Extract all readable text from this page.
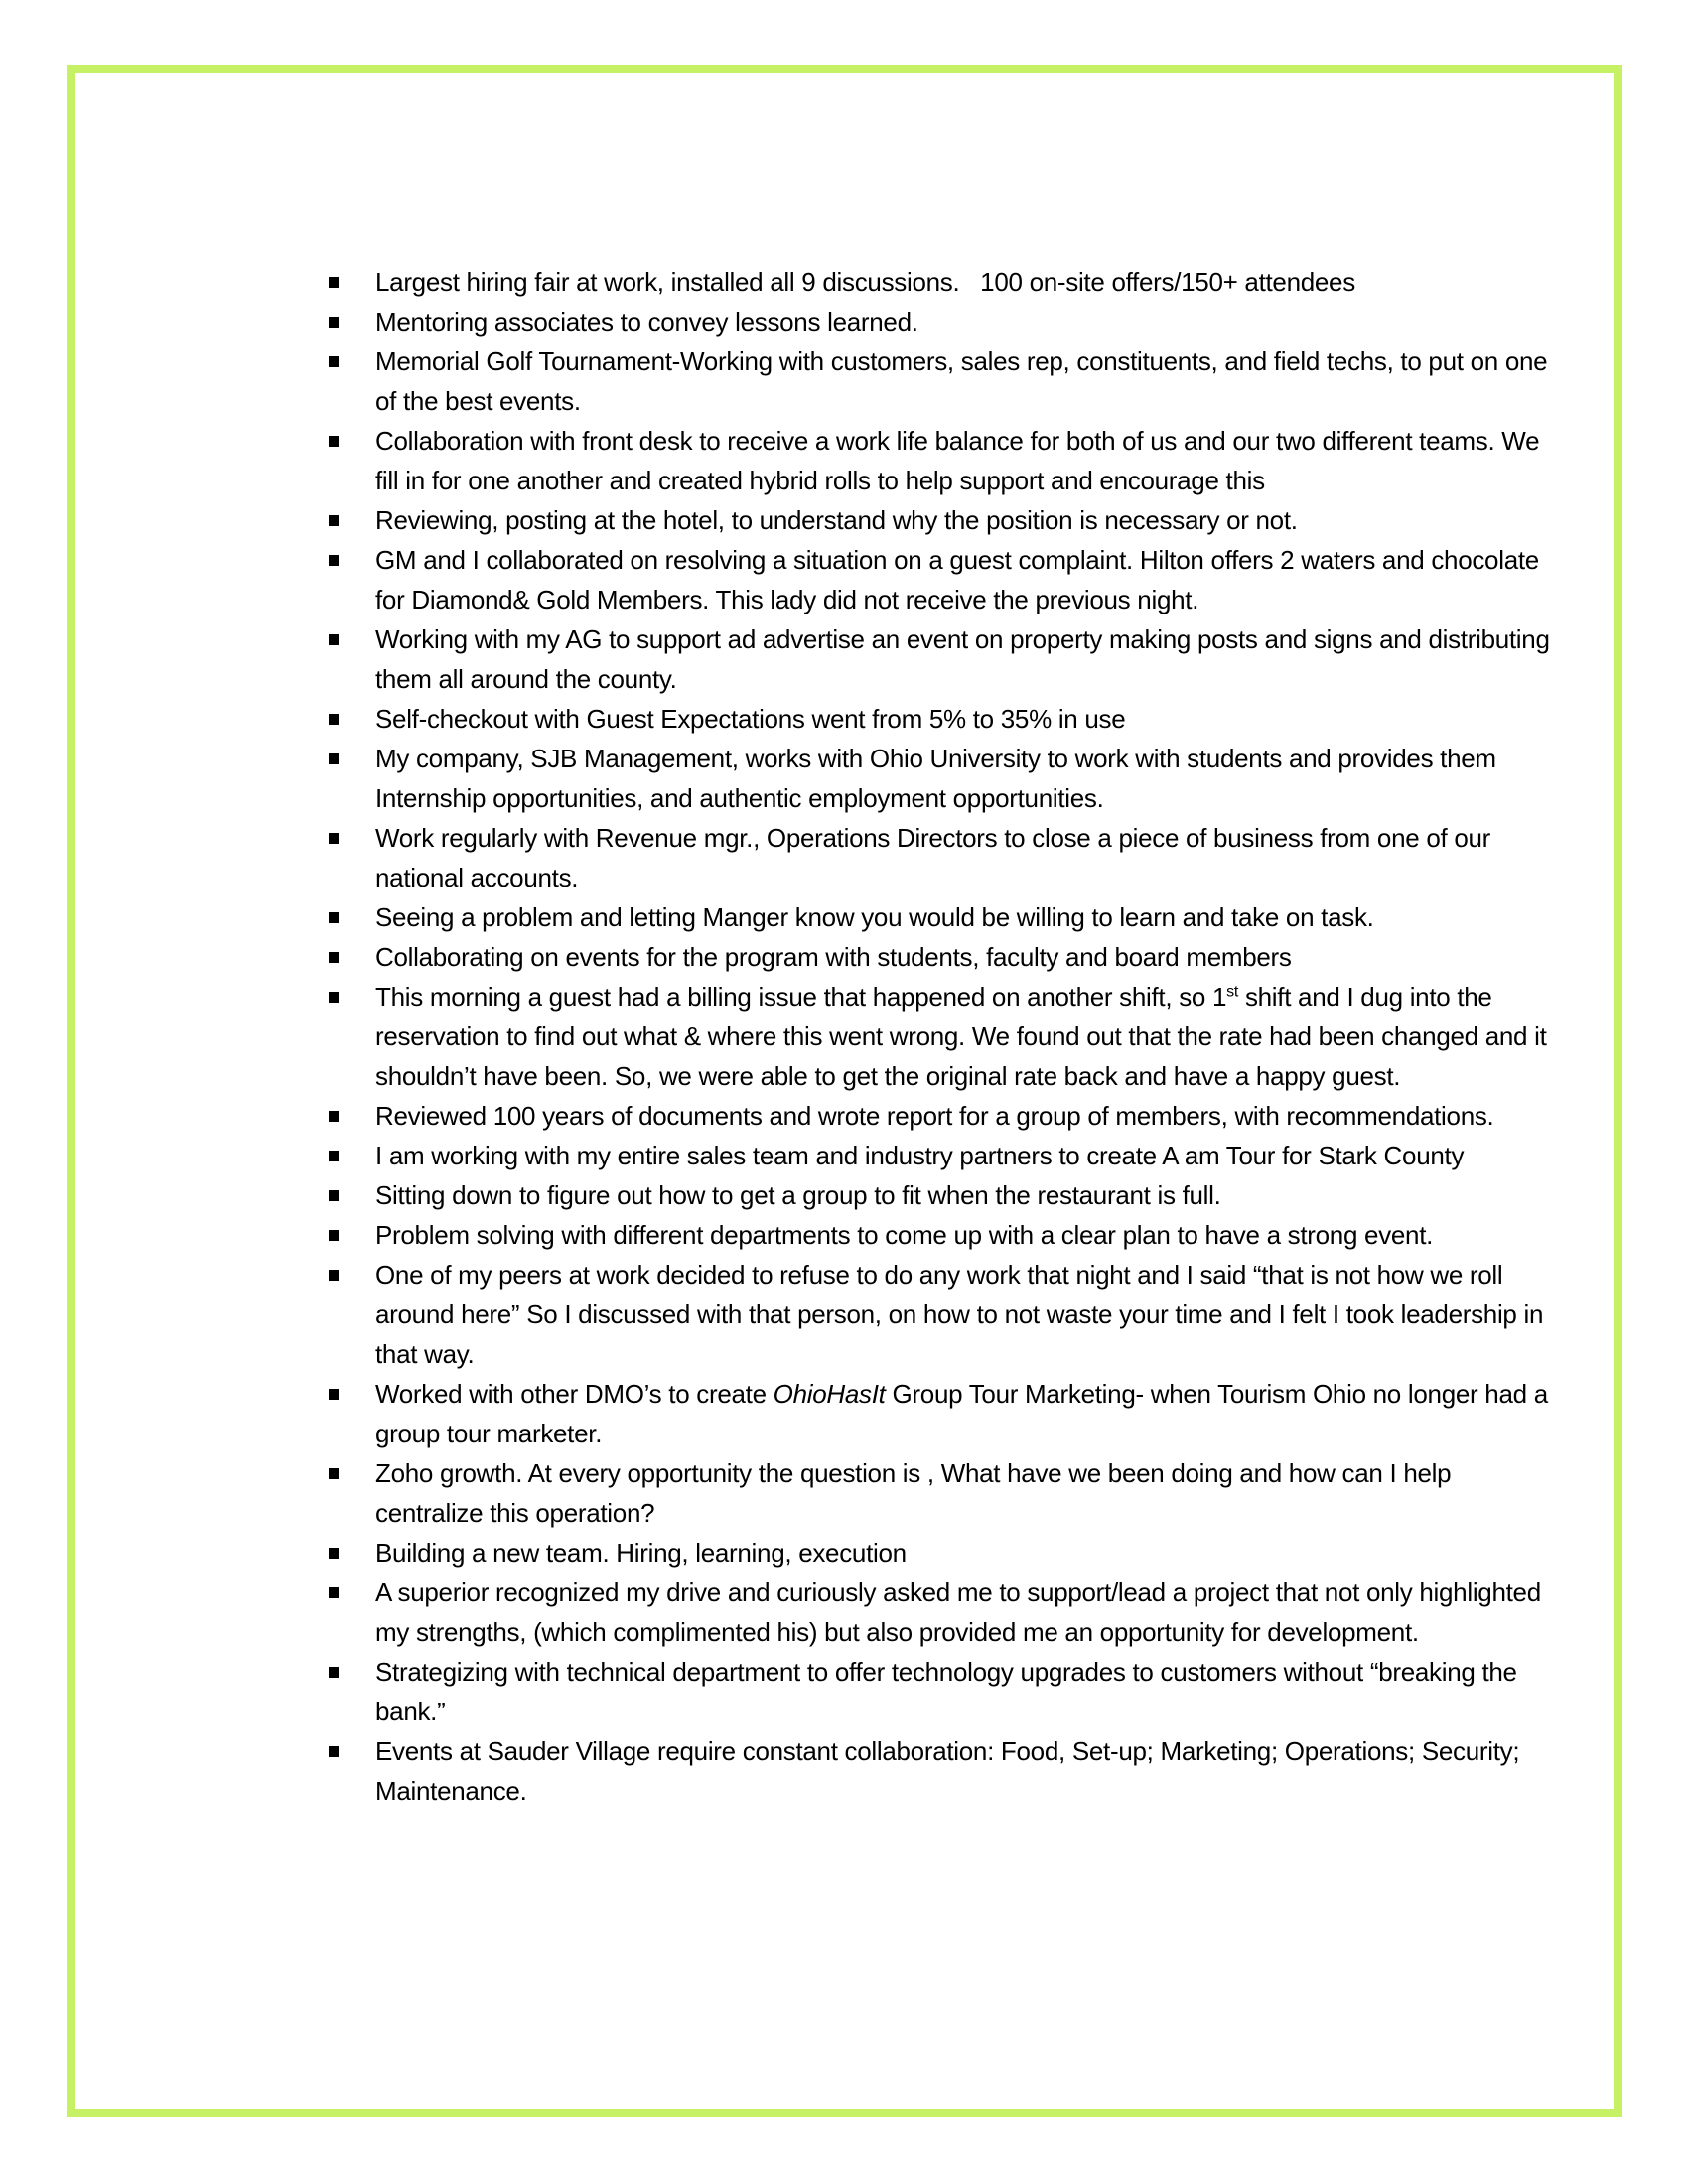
Largest hiring fair at work, installed all 9 discussions.   100 on-site offers/150+ attendees
Mentoring associates to convey lessons learned.
Memorial Golf Tournament-Working with customers, sales rep, constituents, and field techs, to put on one of the best events.
Collaboration with front desk to receive a work life balance for both of us and our two different teams. We fill in for one another and created hybrid rolls to help support and encourage this
Reviewing, posting at the hotel, to understand why the position is necessary or not.
GM and I collaborated on resolving a situation on a guest complaint. Hilton offers 2 waters and chocolate for Diamond& Gold Members. This lady did not receive the previous night.
Working with my AG to support ad advertise an event on property making posts and signs and distributing them all around the county.
Self-checkout with Guest Expectations went from 5% to 35% in use
My company, SJB Management, works with Ohio University to work with students and provides them Internship opportunities, and authentic employment opportunities.
Work regularly with Revenue mgr., Operations Directors to close a piece of business from one of our national accounts.
Seeing a problem and letting Manger know you would be willing to learn and take on task.
Collaborating on events for the program with students, faculty and board members
This morning a guest had a billing issue that happened on another shift, so 1st shift and I dug into the reservation to find out what & where this went wrong. We found out that the rate had been changed and it shouldn’t have been. So, we were able to get the original rate back and have a happy guest.
Reviewed 100 years of documents and wrote report for a group of members, with recommendations.
I am working with my entire sales team and industry partners to create A am Tour for Stark County
Sitting down to figure out how to get a group to fit when the restaurant is full.
Problem solving with different departments to come up with a clear plan to have a strong event.
One of my peers at work decided to refuse to do any work that night and I said “that is not how we roll around here” So I discussed with that person, on how to not waste your time and I felt I took leadership in that way.
Worked with other DMO’s to create OhioHasIt Group Tour Marketing- when Tourism Ohio no longer had a group tour marketer.
Zoho growth. At every opportunity the question is , What have we been doing and how can I help centralize this operation?
Building a new team. Hiring, learning, execution
A superior recognized my drive and curiously asked me to support/lead a project that not only highlighted my strengths, (which complimented his) but also provided me an opportunity for development.
Strategizing with technical department to offer technology upgrades to customers without “breaking the bank.”
Events at Sauder Village require constant collaboration: Food, Set-up; Marketing; Operations; Security; Maintenance.
